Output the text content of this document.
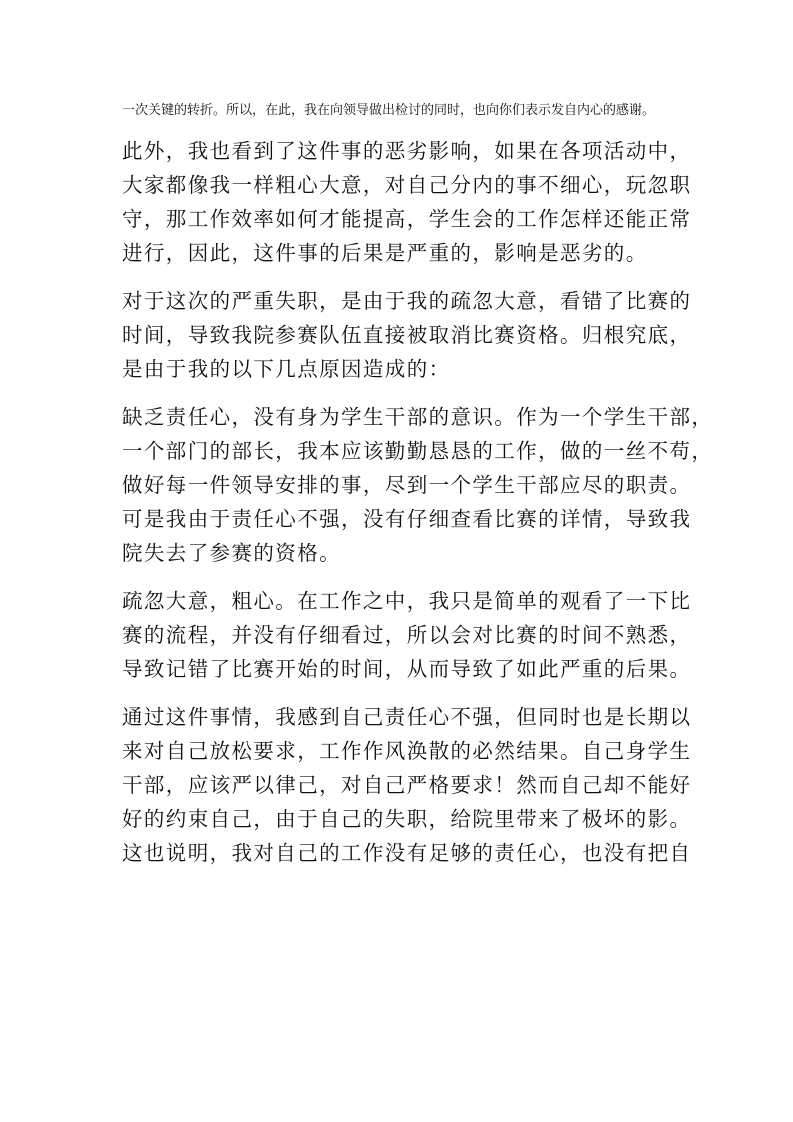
一次关键的转折。所以，在此，我在向领导做出检讨的同时，也向你们表示发自内心的感谢。

此外，我也看到了这件事的恶劣影响，如果在各项活动中，
大家都像我一样粗心大意，对自己分内的事不细心，玩忽职
守，那工作效率如何才能提高，学生会的工作怎样还能正常
进行，因此，这件事的后果是严重的，影响是恶劣的。

对于这次的严重失职，是由于我的疏忽大意，看错了比赛的
时间，导致我院参赛队伍直接被取消比赛资格。归根究底，
是由于我的以下几点原因造成的：

缺乏责任心，没有身为学生干部的意识。作为一个学生干部，
一个部门的部长，我本应该勤勤恳恳的工作，做的一丝不苟，
做好每一件领导安排的事，尽到一个学生干部应尽的职责。
可是我由于责任心不强，没有仔细查看比赛的详情，导致我
院失去了参赛的资格。

疏忽大意，粗心。在工作之中，我只是简单的观看了一下比
赛的流程，并没有仔细看过，所以会对比赛的时间不熟悉，
导致记错了比赛开始的时间，从而导致了如此严重的后果。

通过这件事情，我感到自己责任心不强，但同时也是长期以
来对自己放松要求，工作作风涣散的必然结果。自己身学生
干部，应该严以律己，对自己严格要求！然而自己却不能好
好的约束自己，由于自己的失职，给院里带来了极坏的影。
这也说明，我对自己的工作没有足够的责任心，也没有把自
